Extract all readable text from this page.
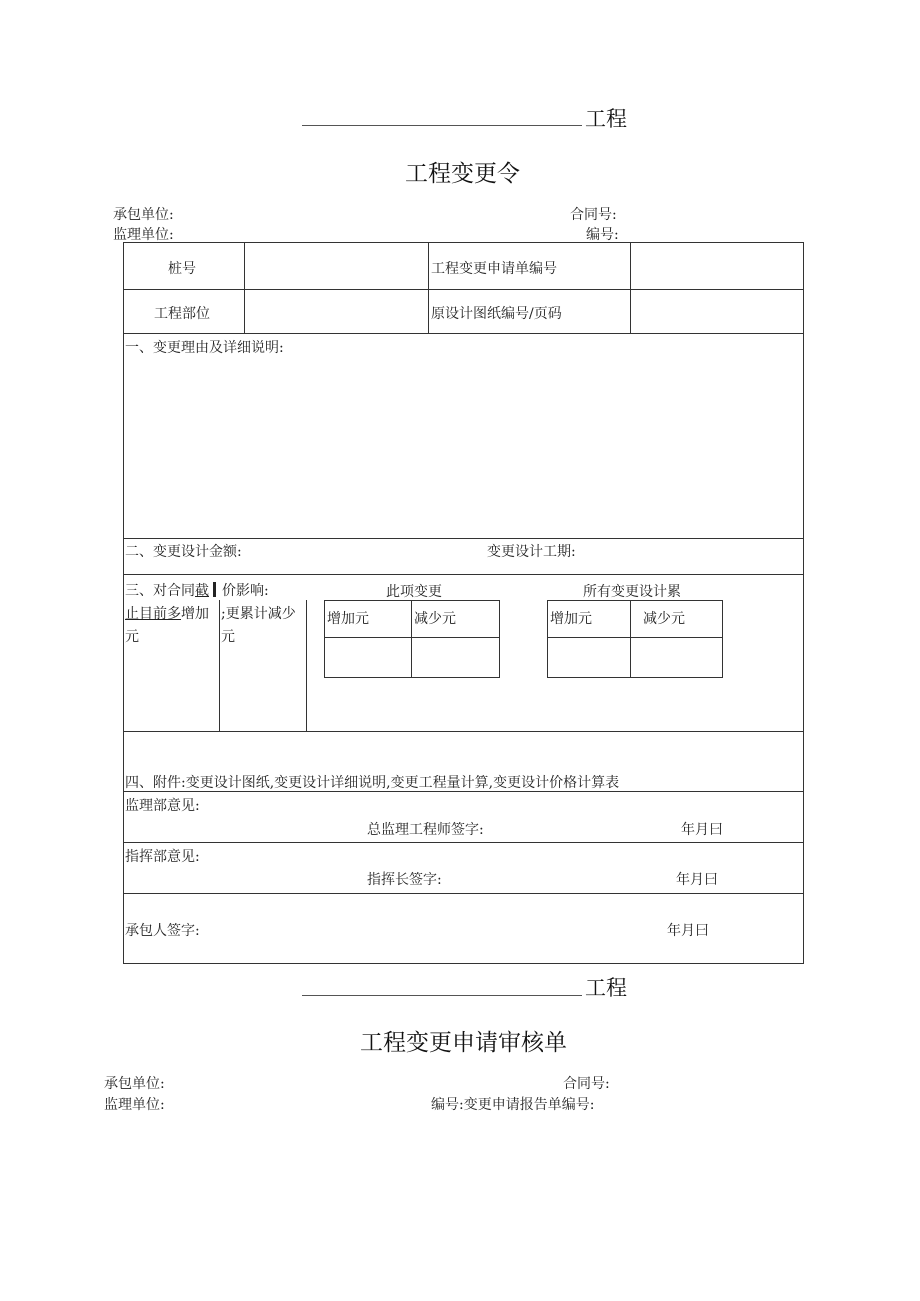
工程
工程变更令
承包单位:	合同号:
监理单位:	编号:
桩号	工程变更申请单编号
工程部位	原设计图纸编号/页码
一、变更理由及详细说明:
二、变更设计金额:	变更设计工期:
三、对合同截 价影响:
止目前多增加
元
;更累计减少
元
此项变更	所有变更设计累
增加元	减少元	增加元	减少元
四、附件:变更设计图纸,变更设计详细说明,变更工程量计算,变更设计价格计算表
监理部意见:
总监理工程师签字:	年月曰
指挥部意见:
指挥长签字:	年月曰
承包人签字:	年月曰
工程
工程变更申请审核单
承包单位:	合同号:
监理单位:	编号:变更申请报告单编号:
